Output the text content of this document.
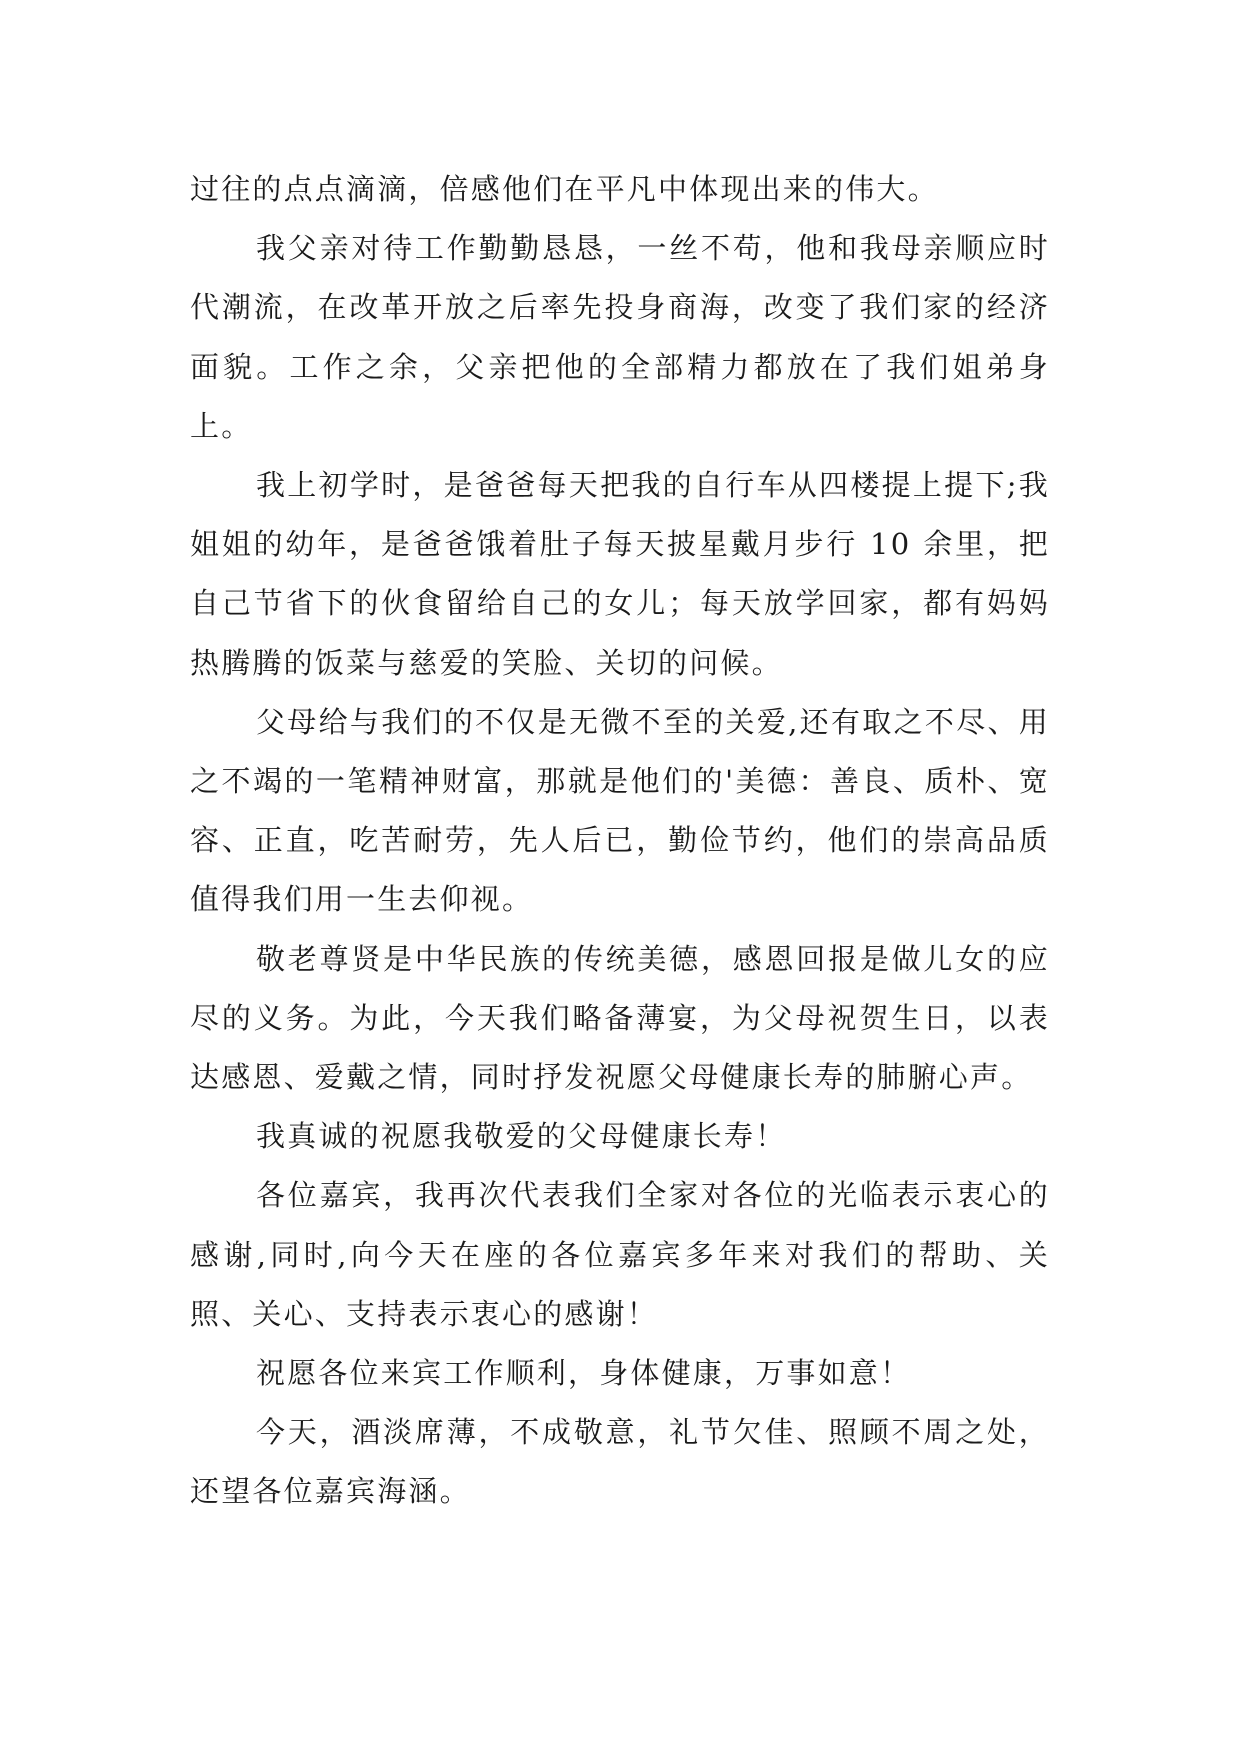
过往的点点滴滴，倍感他们在平凡中体现出来的伟大。

我父亲对待工作勤勤恳恳，一丝不苟，他和我母亲顺应时代潮流，在改革开放之后率先投身商海，改变了我们家的经济面貌。工作之余，父亲把他的全部精力都放在了我们姐弟身上。

我上初学时，是爸爸每天把我的自行车从四楼提上提下;我姐姐的幼年，是爸爸饿着肚子每天披星戴月步行 10 余里，把自己节省下的伙食留给自己的女儿；每天放学回家，都有妈妈热腾腾的饭菜与慈爱的笑脸、关切的问候。

父母给与我们的不仅是无微不至的关爱,还有取之不尽、用之不竭的一笔精神财富，那就是他们的'美德：善良、质朴、宽容、正直，吃苦耐劳，先人后已，勤俭节约，他们的崇高品质值得我们用一生去仰视。

敬老尊贤是中华民族的传统美德，感恩回报是做儿女的应尽的义务。为此，今天我们略备薄宴，为父母祝贺生日，以表达感恩、爱戴之情，同时抒发祝愿父母健康长寿的肺腑心声。

我真诚的祝愿我敬爱的父母健康长寿！

各位嘉宾，我再次代表我们全家对各位的光临表示衷心的感谢,同时,向今天在座的各位嘉宾多年来对我们的帮助、关照、关心、支持表示衷心的感谢！

祝愿各位来宾工作顺利，身体健康，万事如意！

今天，酒淡席薄，不成敬意，礼节欠佳、照顾不周之处，还望各位嘉宾海涵。
